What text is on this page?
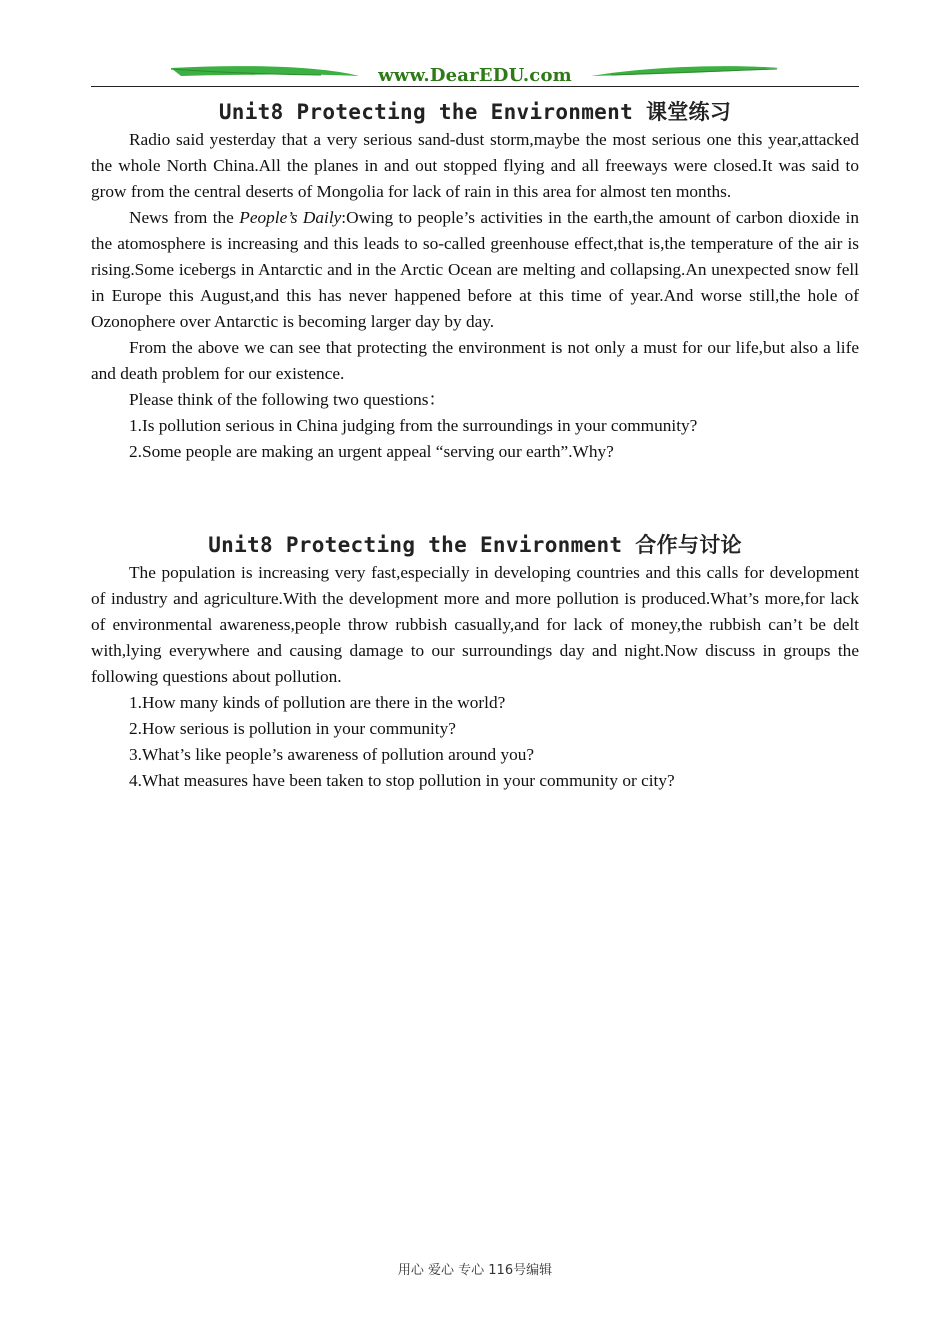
www.DearEDU.com
Unit8 Protecting the Environment 课堂练习

Radio said yesterday that a very serious sand-dust storm,maybe the most serious one this year,attacked the whole North China.All the planes in and out stopped flying and all freeways were closed.It was said to grow from the central deserts of Mongolia for lack of rain in this area for almost ten months.

News from the People’s Daily:Owing to people’s activities in the earth,the amount of carbon dioxide in the atomosphere is increasing and this leads to so-called greenhouse effect,that is,the temperature of the air is rising.Some icebergs in Antarctic and in the Arctic Ocean are melting and collapsing.An unexpected snow fell in Europe this August,and this has never happened before at this time of year.And worse still,the hole of Ozonophere over Antarctic is becoming larger day by day.

From the above we can see that protecting the environment is not only a must for our life,but also a life and death problem for our existence.

Please think of the following two questions：

1.Is pollution serious in China judging from the surroundings in your community?

2.Some people are making an urgent appeal “serving our earth”.Why?

Unit8 Protecting the Environment 合作与讨论

The population is increasing very fast,especially in developing countries and this calls for development of industry and agriculture.With the development more and more pollution is produced.What’s more,for lack of environmental awareness,people throw rubbish casually,and for lack of money,the rubbish can’t be delt with,lying everywhere and causing damage to our surroundings day and night.Now discuss in groups the following questions about pollution.

1.How many kinds of pollution are there in the world?

2.How serious is pollution in your community?

3.What’s like people’s awareness of pollution around you?

4.What measures have been taken to stop pollution in your community or city?

用心 爱心 专心 116号编辑
